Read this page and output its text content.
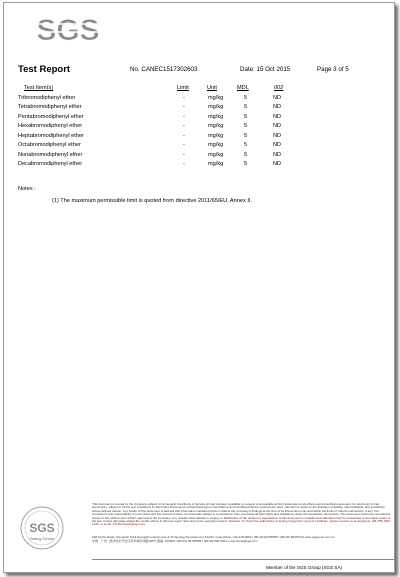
SGS
Test Report	No. CANEC1517302603	Date: 15 Oct 2015	Page 3 of 5
Test Item(s)	Limit	Unit	MDL	002
Tribromodiphenyl ether	-	mg/kg	5	ND
Tetrabromodiphenyl ether	-	mg/kg	5	ND
Pentabromodiphenyl ether	-	mg/kg	5	ND
Hexabromodiphenyl ether	-	mg/kg	5	ND
Heptabromodiphenyl ether	-	mg/kg	5	ND
Octabromodiphenyl ether	-	mg/kg	5	ND
Nonabromodiphenyl ether	-	mg/kg	5	ND
Decabromodiphenyl ether	-	mg/kg	5	ND
Notes :
(1) The maximum permissible limit is quoted from directive 2011/65/EU, Annex II.
SGS
Testing Service
This document is issued by the Company subject to its General Conditions of Service printed overleaf, available on request or accessible at http://www.sgs.com/en/Terms-and-Conditions.aspx and, for electronic format documents, subject to Terms and Conditions for Electronic Documents at http://www.sgs.com/en/Terms-and-Conditions/Terms-e-Document.aspx. Attention is drawn to the limitation of liability, indemnification and jurisdiction issues defined therein. Any holder of this document is advised that information contained hereon reflects the Company's findings at the time of its intervention only and within the limits of Client's instructions, if any. The Company's sole responsibility is to its Client and this document does not exonerate parties to a transaction from exercising all their rights and obligations under the transaction documents. This document cannot be reproduced except in full, without prior written approval of the Company. Any unauthorized alteration, forgery or falsification of the content or appearance of this document is unlawful and offenders may be prosecuted to the fullest extent of the law. Unless otherwise stated the results shown in this test report refer only to the sample(s) tested. Attention: To check the authenticity of testing /inspection report & certificate, please contact us at telephone: (86-755) 8307 1443, or email: CN.Doccheck@sgs.com
198 Kezhu Road, Scientech Park Guangzhou Economic & Technology Development District, Guangzhou, China 510663 t (86-20) 82155555 f (86-20) 82075113 www.sgsgroup.com.cn
中国 · 广州 · 经济技术开发区科学城科珠路198号 邮编: 510663 t (86-20) 82155555 f (86-20) 82075113 e sgs.china@sgs.com
Member of the SGS Group (SGS SA)
